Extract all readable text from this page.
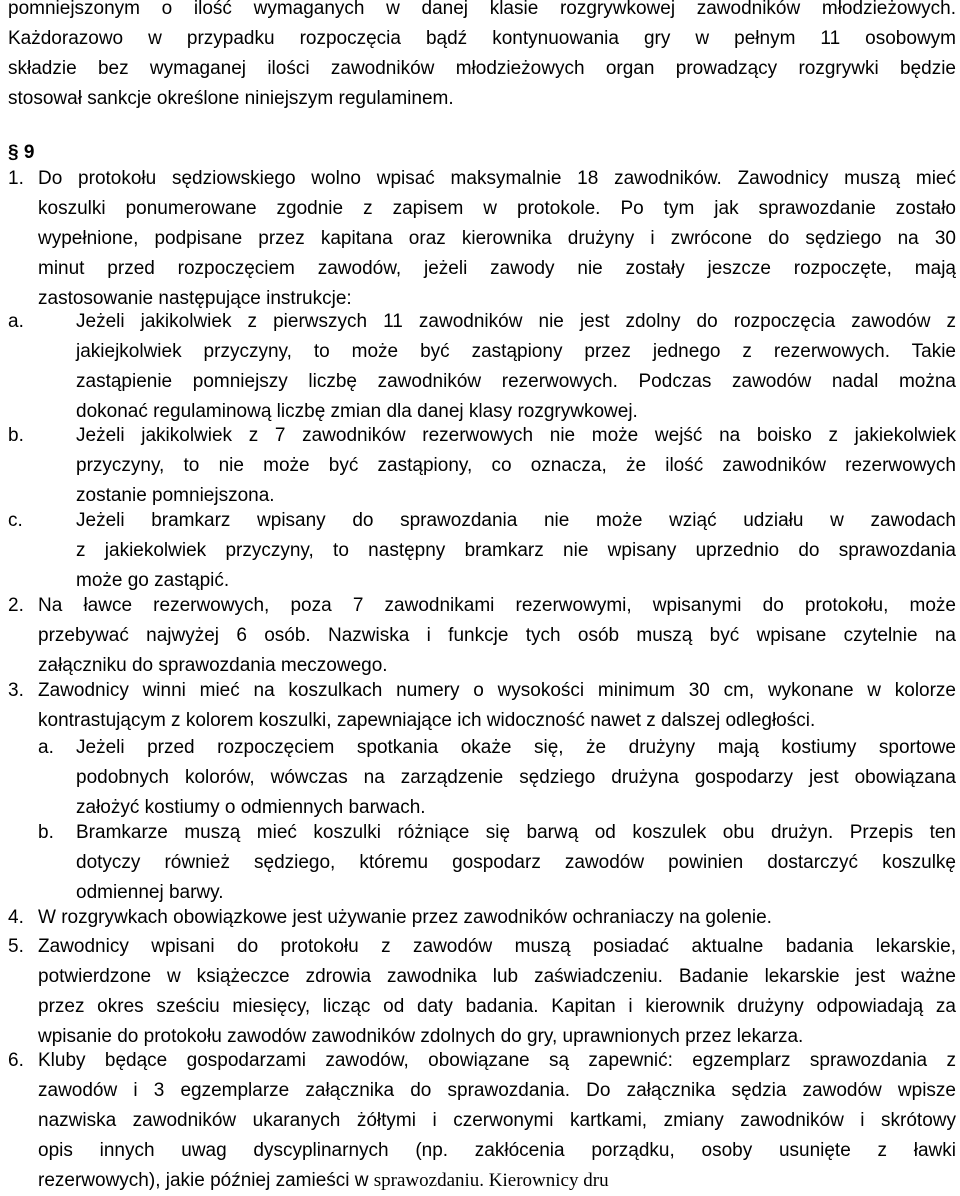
pomniejszonym o ilość wymaganych w danej klasie rozgrywkowej zawodników młodzieżowych.
Każdorazowo w przypadku rozpoczęcia bądź kontynuowania gry w pełnym 11 osobowym
składzie bez wymaganej ilości zawodników młodzieżowych organ prowadzący rozgrywki będzie
stosował sankcje określone niniejszym regulaminem.
§ 9
1. Do protokołu sędziowskiego wolno wpisać maksymalnie 18 zawodników. Zawodnicy muszą mieć
koszulki ponumerowane zgodnie z zapisem w protokole. Po tym jak sprawozdanie zostało
wypełnione, podpisane przez kapitana oraz kierownika drużyny i zwrócone do sędziego na 30
minut przed rozpoczęciem zawodów, jeżeli zawody nie zostały jeszcze rozpoczęte, mają
zastosowanie następujące instrukcje:
a.	Jeżeli jakikolwiek z pierwszych 11 zawodników nie jest zdolny do rozpoczęcia zawodów z
jakiejkolwiek przyczyny, to może być zastąpiony przez jednego z rezerwowych. Takie
zastąpienie pomniejszy liczbę zawodników rezerwowych. Podczas zawodów nadal można
dokonać regulaminową liczbę zmian dla danej klasy rozgrywkowej.
b.	Jeżeli jakikolwiek z 7 zawodników rezerwowych nie może wejść na boisko z jakiekolwiek
przyczyny, to nie może być zastąpiony, co oznacza, że ilość zawodników rezerwowych
zostanie pomniejszona.
c.	Jeżeli bramkarz wpisany do sprawozdania nie może wziąć udziału w zawodach
z jakiekolwiek przyczyny, to następny bramkarz nie wpisany uprzednio do sprawozdania
może go zastąpić.
2. Na ławce rezerwowych, poza 7 zawodnikami rezerwowymi, wpisanymi do protokołu, może
przebywać najwyżej 6 osób. Nazwiska i funkcje tych osób muszą być wpisane czytelnie na
załączniku do sprawozdania meczowego.
3. Zawodnicy winni mieć na koszulkach numery o wysokości minimum 30 cm, wykonane w kolorze
kontrastującym z kolorem koszulki, zapewniające ich widoczność nawet z dalszej odległości.
a. Jeżeli przed rozpoczęciem spotkania okaże się, że drużyny mają kostiumy sportowe
podobnych kolorów, wówczas na zarządzenie sędziego drużyna gospodarzy jest obowiązana
założyć kostiumy o odmiennych barwach.
b. Bramkarze muszą mieć koszulki różniące się barwą od koszulek obu drużyn. Przepis ten
dotyczy również sędziego, któremu gospodarz zawodów powinien dostarczyć koszulkę
odmiennej barwy.
4. W rozgrywkach obowiązkowe jest używanie przez zawodników ochraniaczy na golenie.
5. Zawodnicy wpisani do protokołu z zawodów muszą posiadać aktualne badania lekarskie,
potwierdzone w książeczce zdrowia zawodnika lub zaświadczeniu. Badanie lekarskie jest ważne
przez okres sześciu miesięcy, licząc od daty badania. Kapitan i kierownik drużyny odpowiadają za
wpisanie do protokołu zawodów zawodników zdolnych do gry, uprawnionych przez lekarza.
6. Kluby będące gospodarzami zawodów, obowiązane są zapewnić: egzemplarz sprawozdania z
zawodów i 3 egzemplarze załącznika do sprawozdania. Do załącznika sędzia zawodów wpisze
nazwiska zawodników ukaranych żółtymi i czerwonymi kartkami, zmiany zawodników i skrótowy
opis innych uwag dyscyplinarnych (np. zakłócenia porządku, osoby usunięte z ławki
rezerwowych), jakie później zamieści w sprawozdaniu. Kierownicy dru
